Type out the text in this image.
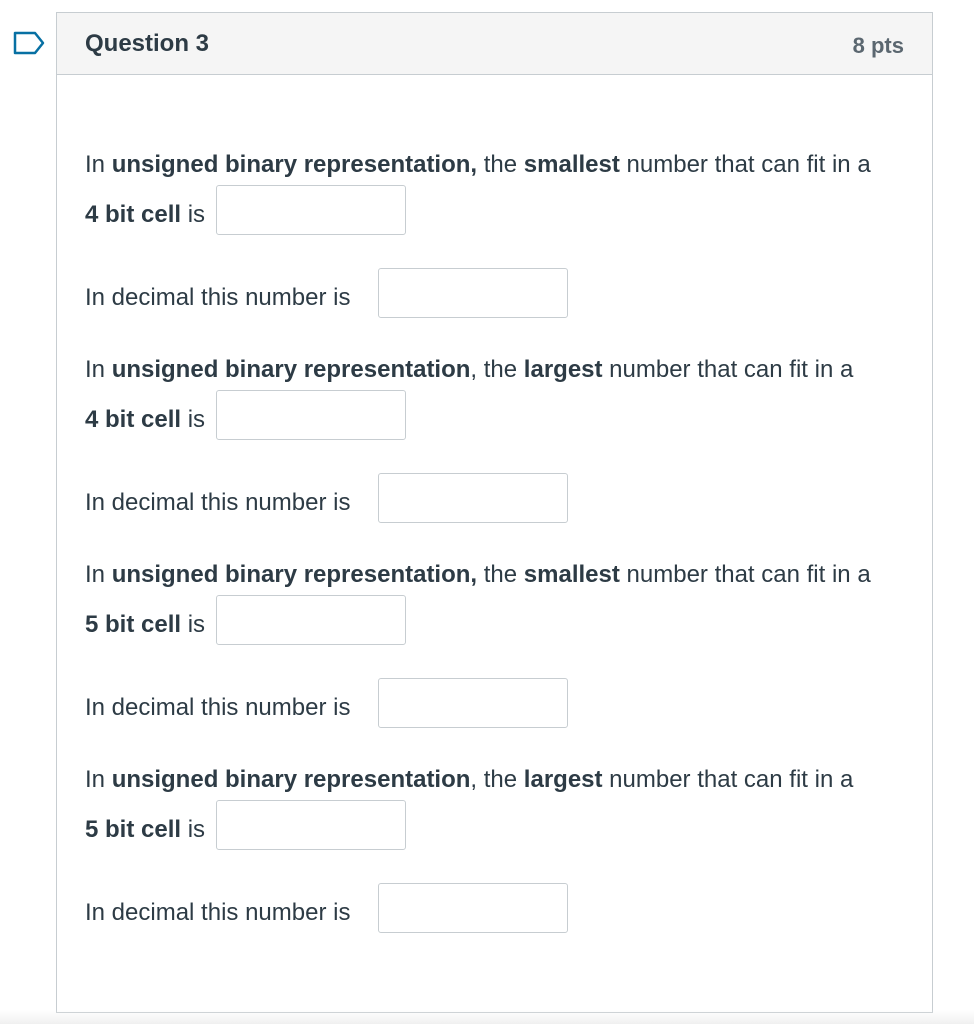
Question 3	8 pts
In unsigned binary representation, the smallest number that can fit in a
4 bit cell is
In decimal this number is
In unsigned binary representation, the largest number that can fit in a
4 bit cell is
In decimal this number is
In unsigned binary representation, the smallest number that can fit in a
5 bit cell is
In decimal this number is
In unsigned binary representation, the largest number that can fit in a
5 bit cell is
In decimal this number is
